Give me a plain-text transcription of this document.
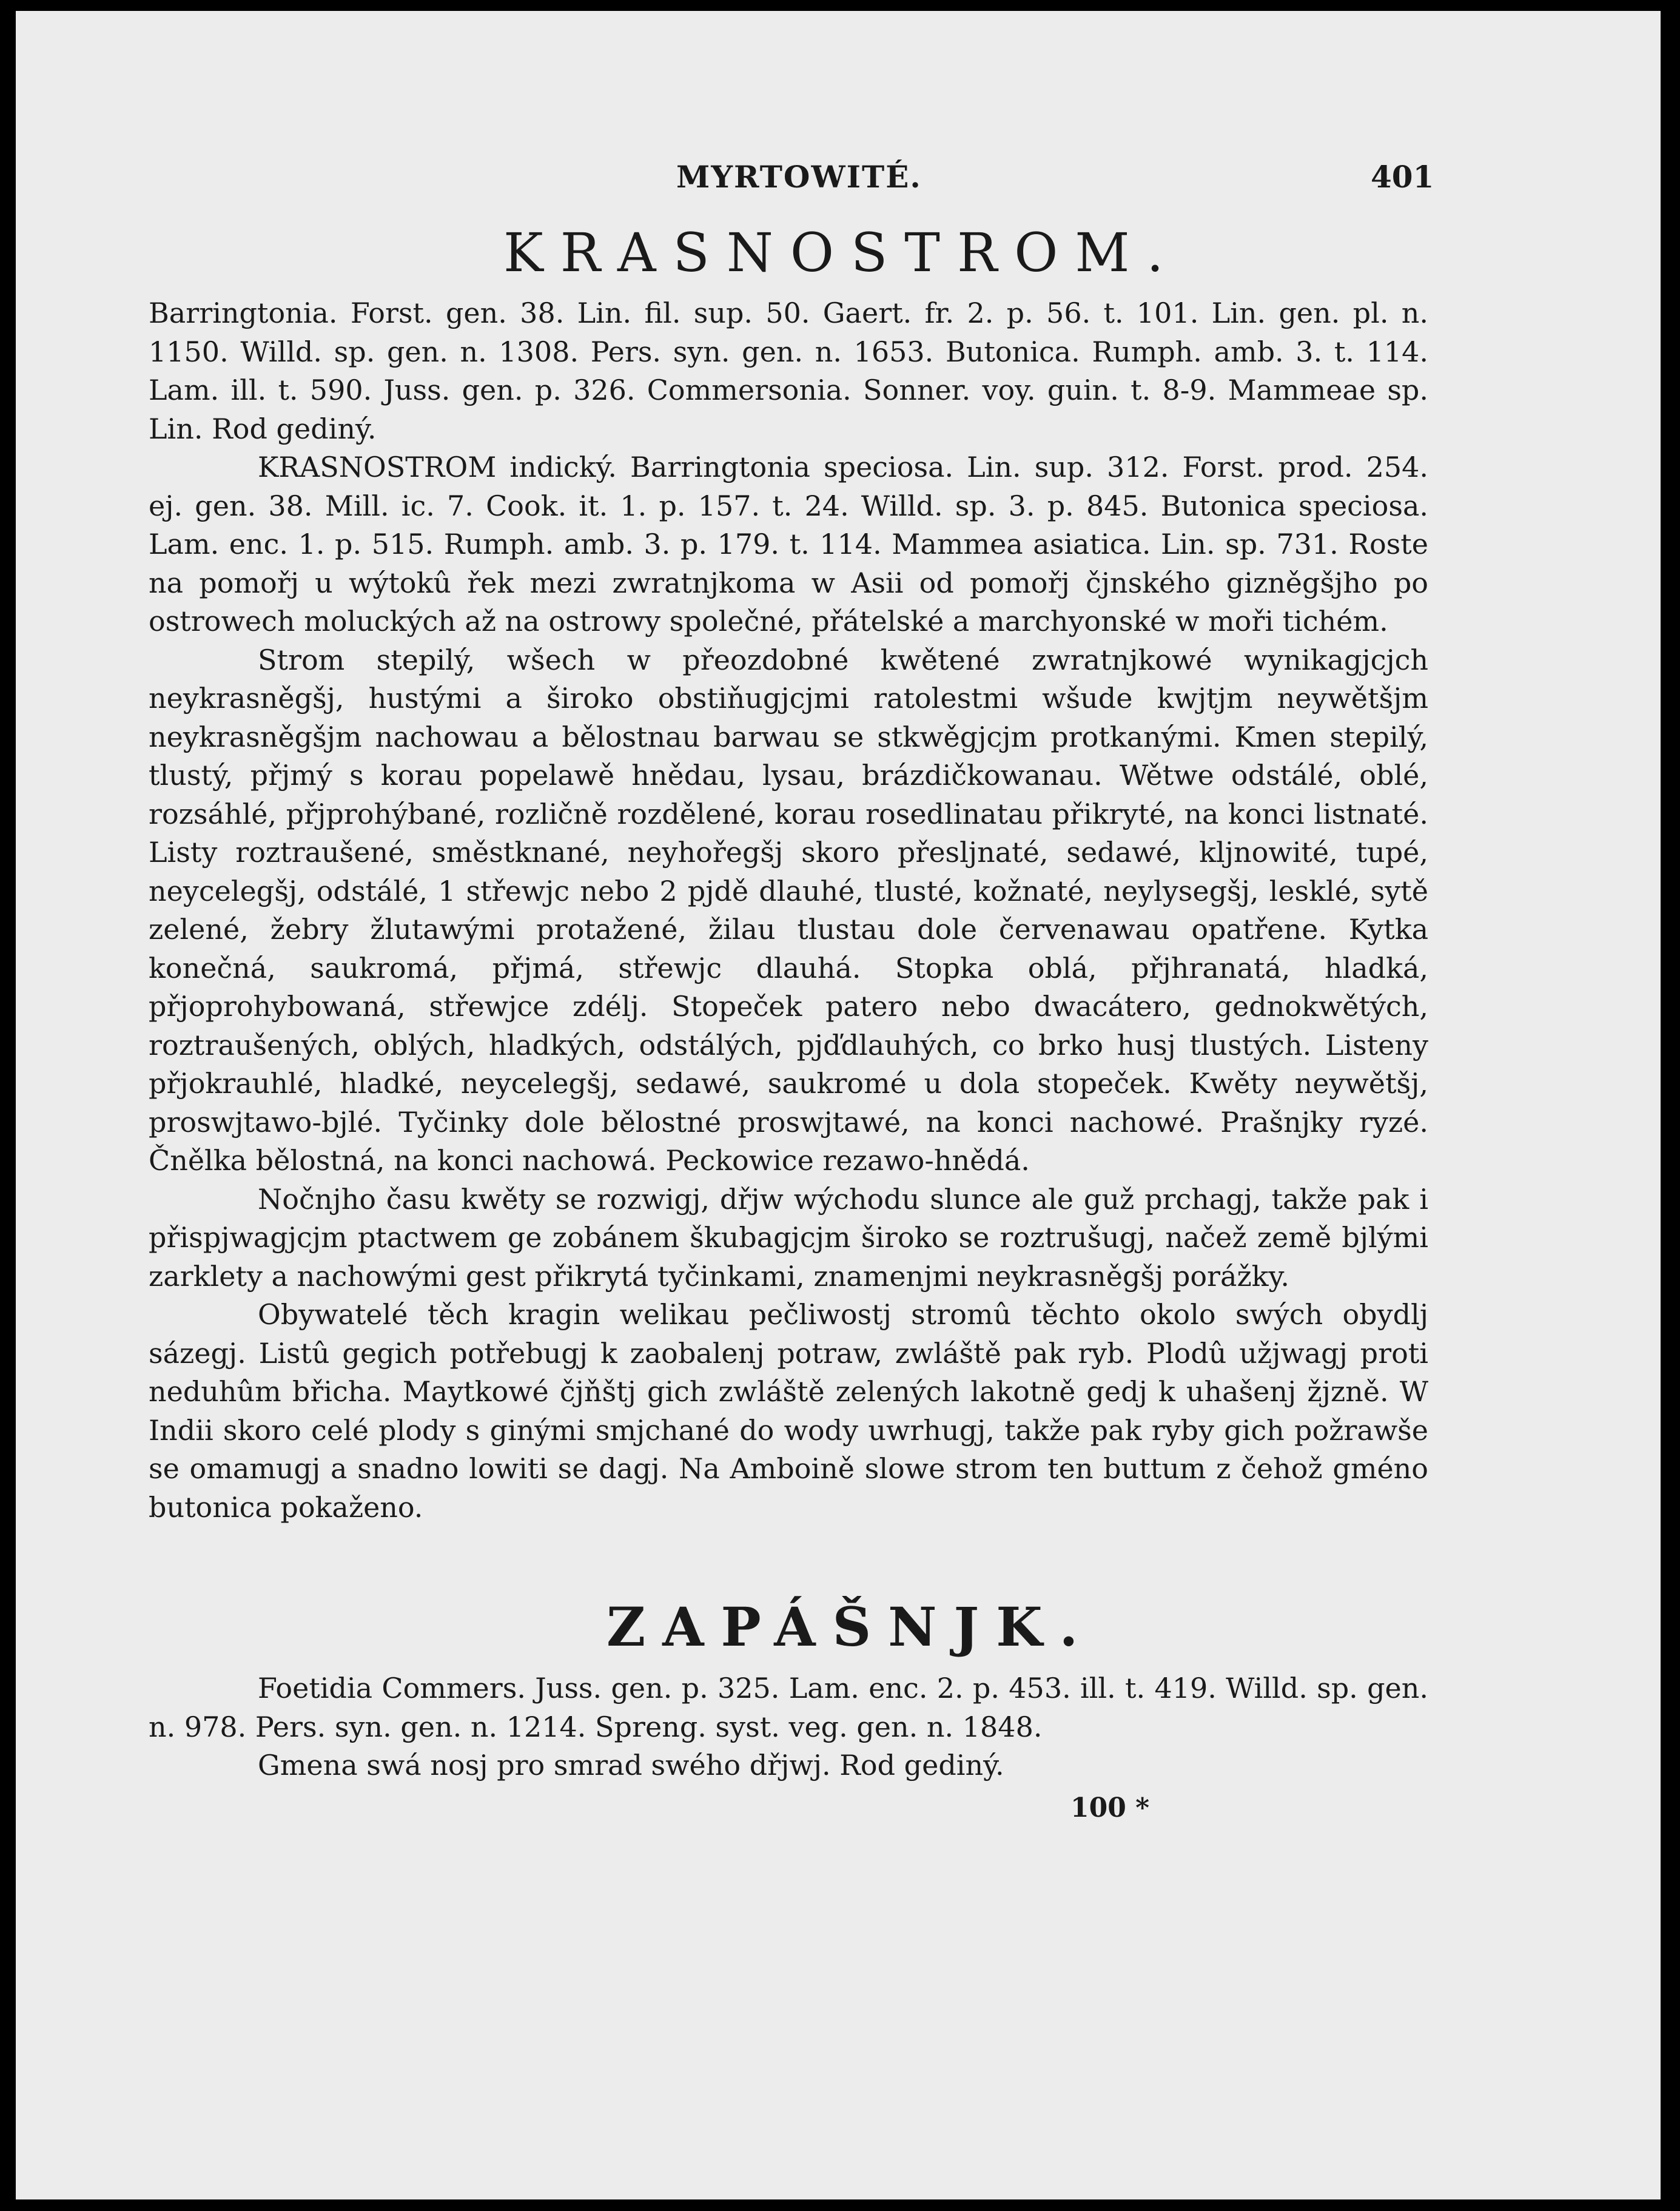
MYRTOWITÉ.	401
KRASNOSTROM.

Barringtonia. Forst. gen. 38. Lin. fil. sup. 50. Gaert. fr. 2. p. 56. t. 101. Lin. gen. pl. n. 1150. Willd. sp. gen. n. 1308. Pers. syn. gen. n. 1653. Butonica. Rumph. amb. 3. t. 114. Lam. ill. t. 590. Juss. gen. p. 326. Commersonia. Sonner. voy. guin. t. 8-9. Mammeae sp. Lin. Rod gediný.

KRASNOSTROM indický. Barringtonia speciosa. Lin. sup. 312. Forst. prod. 254. ej. gen. 38. Mill. ic. 7. Cook. it. 1. p. 157. t. 24. Willd. sp. 3. p. 845. Butonica speciosa. Lam. enc. 1. p. 515. Rumph. amb. 3. p. 179. t. 114. Mammea asiatica. Lin. sp. 731. Roste na pomořj u wýtokû řek mezi zwratnjkoma w Asii od pomořj čjnského gizněgšjho po ostrowech moluckých až na ostrowy společné, přátelské a marchyonské w moři tichém.

Strom stepilý, wšech w přeozdobné kwětené zwratnjkowé wynikagjcjch neykrasněgšj, hustými a široko obstiňugjcjmi ratolestmi wšude kwjtjm neywětšjm neykrasněgšjm nachowau a bělostnau barwau se stkwěgjcjm protkanými. Kmen stepilý, tlustý, přjmý s korau popelawě hnědau, lysau, brázdičkowanau. Wětwe odstálé, oblé, rozsáhlé, přjprohýbané, rozličně rozdělené, korau rosedlinatau přikryté, na konci listnaté. Listy roztraušené, směstknané, neyhořegšj skoro přesljnaté, sedawé, kljnowité, tupé, neycelegšj, odstálé, 1 střewjc nebo 2 pjdě dlauhé, tlusté, kožnaté, neylysegšj, lesklé, sytě zelené, žebry žlutawými protažené, žilau tlustau dole červenawau opatřene. Kytka konečná, saukromá, přjmá, střewjc dlauhá. Stopka oblá, přjhranatá, hladká, přjoprohybowaná, střewjce zdélj. Stopeček patero nebo dwacátero, gednokwětých, roztraušených, oblých, hladkých, odstálých, pjďdlauhých, co brko husj tlustých. Listeny přjokrauhlé, hladké, neycelegšj, sedawé, saukromé u dola stopeček. Kwěty neywětšj, proswjtawo-bjlé. Tyčinky dole bělostné proswjtawé, na konci nachowé. Prašnjky ryzé. Čnělka bělostná, na konci nachowá. Peckowice rezawo-hnědá.

Nočnjho času kwěty se rozwigj, dřjw wýchodu slunce ale guž prchagj, takže pak i přispjwagjcjm ptactwem ge zobánem škubagjcjm široko se roztrušugj, načež země bjlými zarklety a nachowými gest přikrytá tyčinkami, znamenjmi neykrasněgšj porážky.

Obywatelé těch kragin welikau pečliwostj stromû těchto okolo swých obydlj sázegj. Listû gegich potřebugj k zaobalenj potraw, zwláště pak ryb. Plodû užjwagj proti neduhûm břicha. Maytkowé čjňštj gich zwláště zelených lakotně gedj k uhašenj žjzně. W Indii skoro celé plody s ginými smjchané do wody uwrhugj, takže pak ryby gich požrawše se omamugj a snadno lowiti se dagj. Na Amboině slowe strom ten buttum z čehož gméno butonica pokaženo.

ZAPÁŠNJK.

Foetidia Commers. Juss. gen. p. 325. Lam. enc. 2. p. 453. ill. t. 419. Willd. sp. gen. n. 978. Pers. syn. gen. n. 1214. Spreng. syst. veg. gen. n. 1848.

Gmena swá nosj pro smrad swého dřjwj. Rod gediný.

100 *
